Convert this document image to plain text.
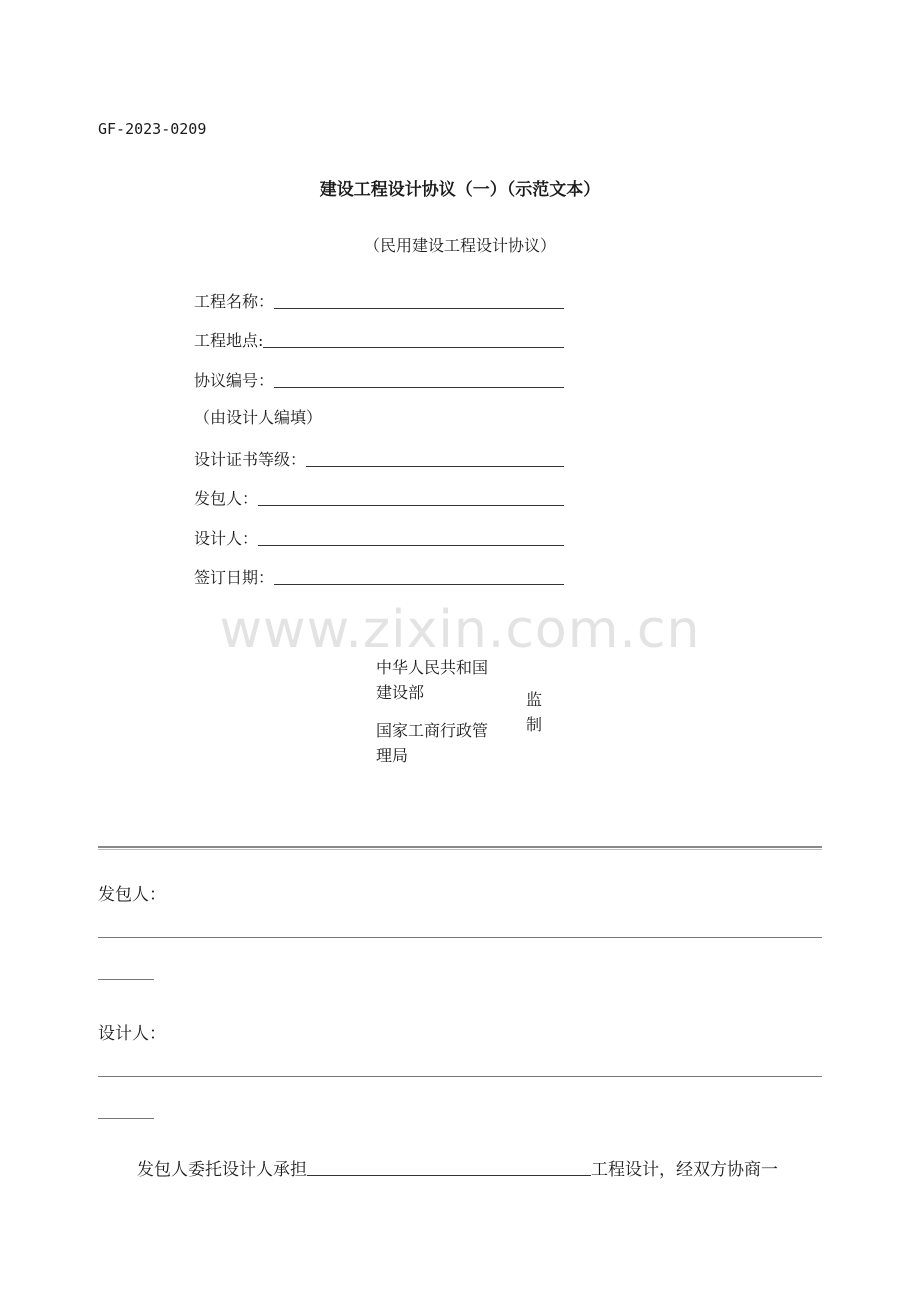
GF-2023-0209
建设工程设计协议（一）（示范文本）
（民用建设工程设计协议）
工程名称：
工程地点:
协议编号：
（由设计人编填）
设计证书等级：
发包人：
设计人：
签订日期：
www.zixin.com.cn
中华人民共和国
建设部
国家工商行政管
理局
监
制
发包人：
设计人：
发包人委托设计人承担	工程设计，经双方协商一
